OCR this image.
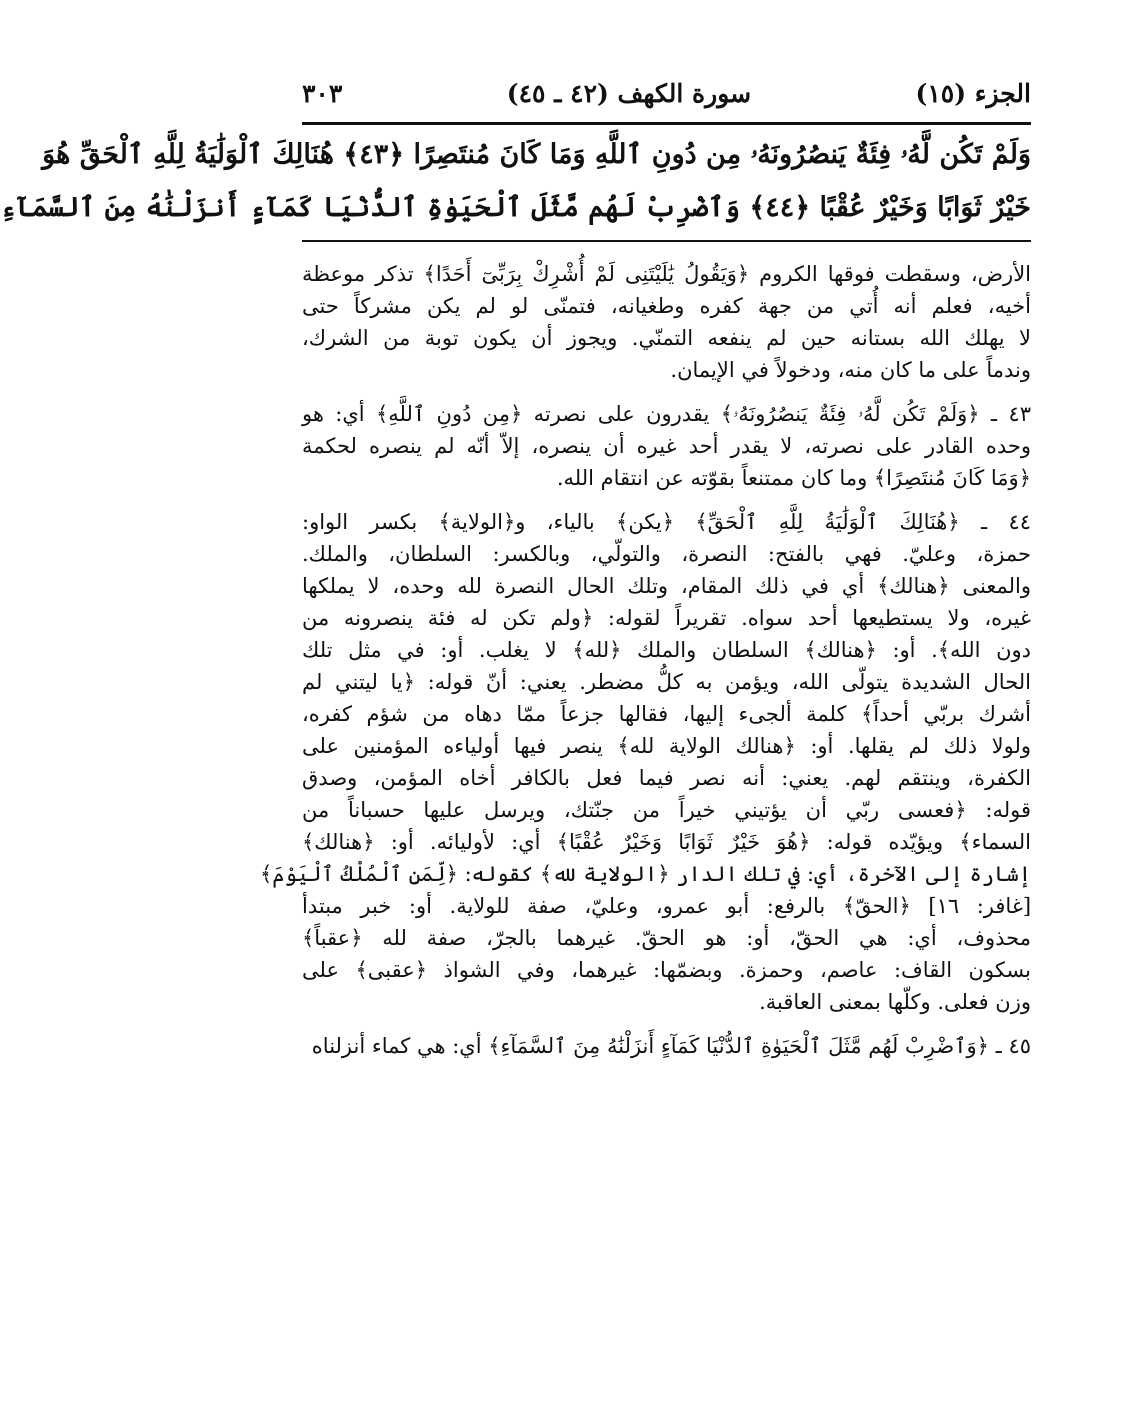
الجزء (١٥)
سورة الكهف (٤٢ ـ ٤٥)
٣٠٣
وَلَمْ تَكُن لَّهُۥ فِئَةٌ يَنصُرُونَهُۥ مِن دُونِ ٱللَّهِ وَمَا كَانَ مُنتَصِرًا ﴿٤٣﴾ هُنَالِكَ ٱلْوَلَٰيَةُ لِلَّهِ ٱلْحَقِّ هُوَ
خَيْرٌ ثَوَابًا وَخَيْرٌ عُقْبًا ﴿٤٤﴾ وَٱضْرِبْ لَهُم مَّثَلَ ٱلْحَيَوٰةِ ٱلدُّنْيَا كَمَآءٍ أَنزَلْنَٰهُ مِنَ ٱلسَّمَآءِ

الأرض، وسقطت فوقها الكروم ﴿وَيَقُولُ يَٰلَيْتَنِى لَمْ أُشْرِكْ بِرَبِّىٓ أَحَدًا﴾ تذكر موعظة
أخيه، فعلم أنه أُتي من جهة كفره وطغيانه، فتمنّى لو لم يكن مشركاً حتى
لا يهلك الله بستانه حين لم ينفعه التمنّي. ويجوز أن يكون توبة من الشرك،
وندماً على ما كان منه، ودخولاً في الإيمان.

٤٣ ـ ﴿وَلَمْ تَكُن لَّهُۥ فِئَةٌ يَنصُرُونَهُۥ﴾ يقدرون على نصرته ﴿مِن دُونِ ٱللَّهِ﴾ أي: هو
وحده القادر على نصرته، لا يقدر أحد غيره أن ينصره، إلاّ أنّه لم ينصره لحكمة
﴿وَمَا كَانَ مُنتَصِرًا﴾ وما كان ممتنعاً بقوّته عن انتقام الله.

٤٤ ـ ﴿هُنَالِكَ ٱلْوَلَٰيَةُ لِلَّهِ ٱلْحَقِّ﴾ ﴿يكن﴾ بالياء، و﴿الولاية﴾ بكسر الواو:
حمزة، وعليّ. فهي بالفتح: النصرة، والتولّي، وبالكسر: السلطان، والملك.
والمعنى ﴿هنالك﴾ أي في ذلك المقام، وتلك الحال النصرة لله وحده، لا يملكها
غيره، ولا يستطيعها أحد سواه. تقريراً لقوله: ﴿ولم تكن له فئة ينصرونه من
دون الله﴾. أو: ﴿هنالك﴾ السلطان والملك ﴿لله﴾ لا يغلب. أو: في مثل تلك
الحال الشديدة يتولّى الله، ويؤمن به كلُّ مضطر. يعني: أنّ قوله: ﴿يا ليتني لم
أشرك بربّي أحداً﴾ كلمة ألجىء إليها، فقالها جزعاً ممّا دهاه من شؤم كفره،
ولولا ذلك لم يقلها. أو: ﴿هنالك الولاية لله﴾ ينصر فيها أولياءه المؤمنين على
الكفرة، وينتقم لهم. يعني: أنه نصر فيما فعل بالكافر أخاه المؤمن، وصدق
قوله: ﴿فعسى ربّي أن يؤتيني خيراً من جنّتك، ويرسل عليها حسباناً من
السماء﴾ ويؤيّده قوله: ﴿هُوَ خَيْرٌ ثَوَابًا وَخَيْرٌ عُقْبًا﴾ أي: لأوليائه. أو: ﴿هنالك﴾
إشارة إلى الآخرة، أي: في تلك الدار ﴿الولاية لله﴾ كقوله: ﴿لِّمَنِ ٱلْمُلْكُ ٱلْيَوْمَ﴾
[غافر: ١٦] ﴿الحقّ﴾ بالرفع: أبو عمرو، وعليّ، صفة للولاية. أو: خبر مبتدأ
محذوف، أي: هي الحقّ، أو: هو الحقّ. غيرهما بالجرّ، صفة لله ﴿عقباً﴾
بسكون القاف: عاصم، وحمزة. وبضمّها: غيرهما، وفي الشواذ ﴿عقبى﴾ على
وزن فعلى. وكلّها بمعنى العاقبة.

٤٥ ـ ﴿وَٱضْرِبْ لَهُم مَّثَلَ ٱلْحَيَوٰةِ ٱلدُّنْيَا كَمَآءٍ أَنزَلْنَٰهُ مِنَ ٱلسَّمَآءِ﴾ أي: هي كماء أنزلناه
